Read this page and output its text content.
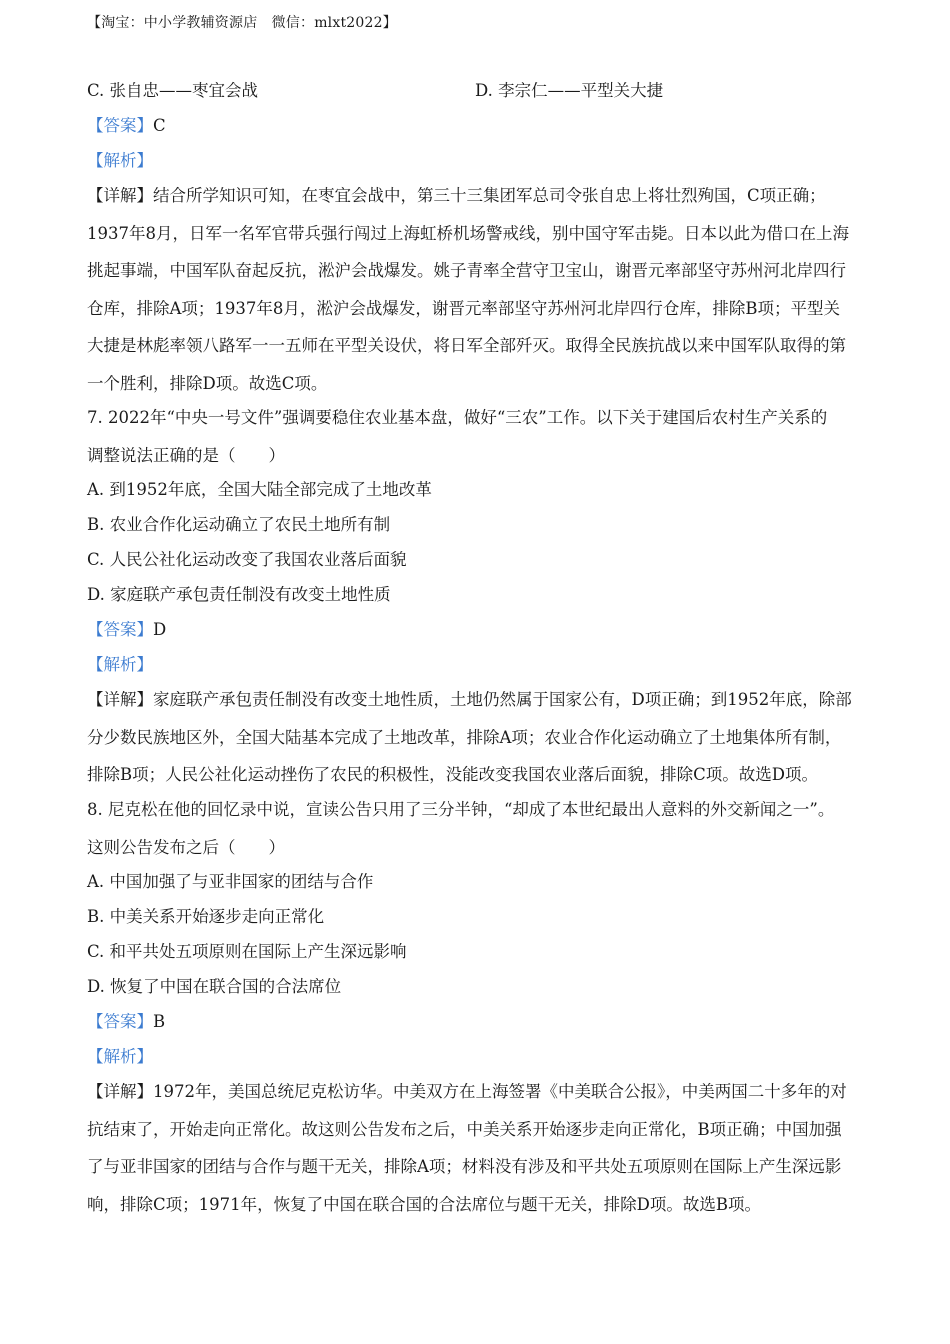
【淘宝：中小学教辅资源店　微信：mlxt2022】
C. 张自忠——枣宜会战	D. 李宗仁——平型关大捷
【答案】C
【解析】
【详解】结合所学知识可知，在枣宜会战中，第三十三集团军总司令张自忠上将壮烈殉国，C项正确；
1937年8月，日军一名军官带兵强行闯过上海虹桥机场警戒线，别中国守军击毙。日本以此为借口在上海
挑起事端，中国军队奋起反抗，淞沪会战爆发。姚子青率全营守卫宝山，谢晋元率部坚守苏州河北岸四行
仓库，排除A项；1937年8月，淞沪会战爆发，谢晋元率部坚守苏州河北岸四行仓库，排除B项；平型关
大捷是林彪率领八路军一一五师在平型关设伏，将日军全部歼灭。取得全民族抗战以来中国军队取得的第
一个胜利，排除D项。故选C项。
7. 2022年“中央一号文件”强调要稳住农业基本盘，做好“三农”工作。以下关于建国后农村生产关系的
调整说法正确的是（　　）
A. 到1952年底，全国大陆全部完成了土地改革
B. 农业合作化运动确立了农民土地所有制
C. 人民公社化运动改变了我国农业落后面貌
D. 家庭联产承包责任制没有改变土地性质
【答案】D
【解析】
【详解】家庭联产承包责任制没有改变土地性质，土地仍然属于国家公有，D项正确；到1952年底，除部
分少数民族地区外，全国大陆基本完成了土地改革，排除A项；农业合作化运动确立了土地集体所有制，
排除B项；人民公社化运动挫伤了农民的积极性，没能改变我国农业落后面貌，排除C项。故选D项。
8. 尼克松在他的回忆录中说，宣读公告只用了三分半钟，“却成了本世纪最出人意料的外交新闻之一”。
这则公告发布之后（　　）
A. 中国加强了与亚非国家的团结与合作
B. 中美关系开始逐步走向正常化
C. 和平共处五项原则在国际上产生深远影响
D. 恢复了中国在联合国的合法席位
【答案】B
【解析】
【详解】1972年，美国总统尼克松访华。中美双方在上海签署《中美联合公报》，中美两国二十多年的对
抗结束了，开始走向正常化。故这则公告发布之后，中美关系开始逐步走向正常化，B项正确；中国加强
了与亚非国家的团结与合作与题干无关，排除A项；材料没有涉及和平共处五项原则在国际上产生深远影
响，排除C项；1971年，恢复了中国在联合国的合法席位与题干无关，排除D项。故选B项。
